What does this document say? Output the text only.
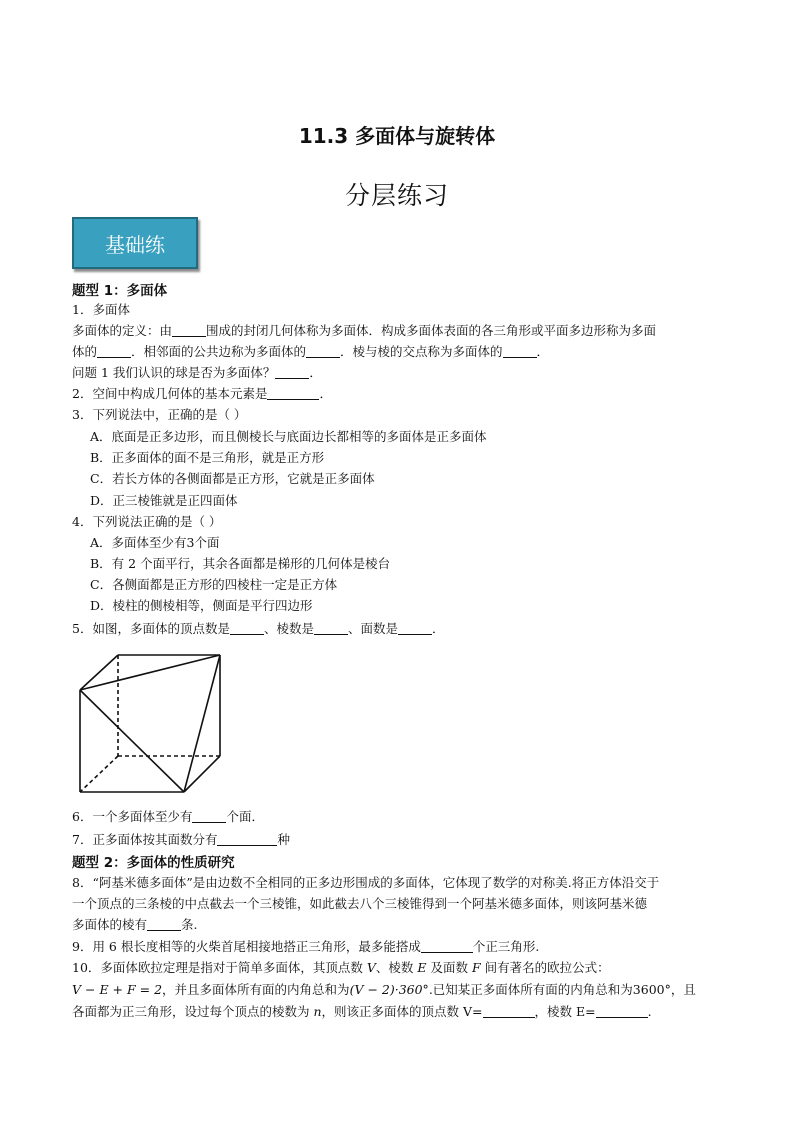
11.3 多面体与旋转体
分层练习
基础练
题型 1：多面体
1．多面体
多面体的定义：由	围成的封闭几何体称为多面体．构成多面体表面的各三角形或平面多边形称为多面
体的	．相邻面的公共边称为多面体的	．棱与棱的交点称为多面体的	．
问题 1 我们认识的球是否为多面体？	．
2．空间中构成几何体的基本元素是	．
3．下列说法中，正确的是（ ）
A．底面是正多边形，而且侧棱长与底面边长都相等的多面体是正多面体
B．正多面体的面不是三角形，就是正方形
C．若长方体的各侧面都是正方形，它就是正多面体
D．正三棱锥就是正四面体
4．下列说法正确的是（ ）
A．多面体至少有3个面
B．有 2 个面平行，其余各面都是梯形的几何体是棱台
C．各侧面都是正方形的四棱柱一定是正方体
D．棱柱的侧棱相等，侧面是平行四边形
5．如图，多面体的顶点数是	、棱数是	、面数是	．
6．一个多面体至少有	个面．
7．正多面体按其面数分有	种
题型 2：多面体的性质研究
8．“阿基米德多面体”是由边数不全相同的正多边形围成的多面体，它体现了数学的对称美.将正方体沿交于
一个顶点的三条棱的中点截去一个三棱锥，如此截去八个三棱锥得到一个阿基米德多面体，则该阿基米德
多面体的棱有	条.
9．用 6 根长度相等的火柴首尾相接地搭正三角形，最多能搭成	个正三角形.
10．多面体欧拉定理是指对于简单多面体，其顶点数 V、棱数 E 及面数 F 间有著名的欧拉公式：
V − E + F = 2，并且多面体所有面的内角总和为(V − 2)·360°.已知某正多面体所有面的内角总和为3600°，且
各面都为正三角形，设过每个顶点的棱数为 n，则该正多面体的顶点数 V=	，棱数 E=	.
